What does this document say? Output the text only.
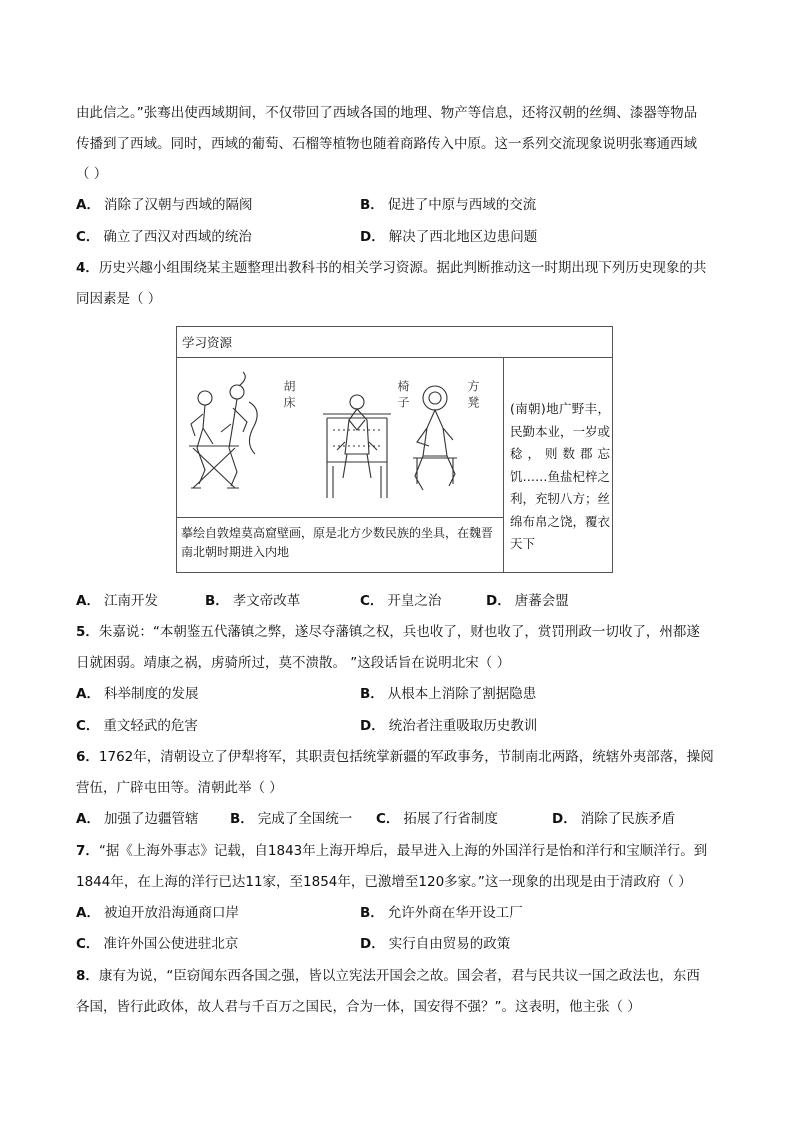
由此信之。”张骞出使西域期间，不仅带回了西域各国的地理、物产等信息，还将汉朝的丝绸、漆器等物品
传播到了西域。同时，西域的葡萄、石榴等植物也随着商路传入中原。这一系列交流现象说明张骞通西域
（ ）
A． 消除了汉朝与西域的隔阂	B． 促进了中原与西域的交流
C． 确立了西汉对西域的统治	D． 解决了西北地区边患问题
4．历史兴趣小组围绕某主题整理出教科书的相关学习资源。据此判断推动这一时期出现下列历史现象的共
同因素是（ ）
学习资源
胡床	椅子	方凳
摹绘自敦煌莫高窟壁画，原是北方少数民族的坐具，在魏晋南北朝时期进入内地
(南朝)地广野丰，民勤本业，一岁或稔，则数郡忘饥……鱼盐杞梓之利，充牣八方；丝绵布帛之饶，覆衣天下
A． 江南开发	B． 孝文帝改革	C． 开皇之治	D． 唐蕃会盟
5．朱嘉说：“本朝鉴五代藩镇之弊，遂尽夺藩镇之权，兵也收了，财也收了，赏罚刑政一切收了，州都遂
日就困弱。靖康之祸，虏骑所过，莫不溃散。 ”这段话旨在说明北宋（ ）
A． 科举制度的发展	B． 从根本上消除了割据隐患
C． 重文轻武的危害	D． 统治者注重吸取历史教训
6．1762年，清朝设立了伊犁将军，其职责包括统掌新疆的军政事务，节制南北两路，统辖外夷部落，操阅
营伍，广辟屯田等。清朝此举（ ）
A． 加强了边疆管辖 B． 完成了全国统一 C． 拓展了行省制度	D． 消除了民族矛盾
7．“据《上海外事志》记载，自1843年上海开埠后，最早进入上海的外国洋行是怡和洋行和宝顺洋行。到
1844年，在上海的洋行已达11家，至1854年，已激增至120多家。”这一现象的出现是由于清政府（ ）
A． 被迫开放沿海通商口岸	B． 允许外商在华开设工厂
C． 准许外国公使进驻北京	D． 实行自由贸易的政策
8．康有为说，“臣窃闻东西各国之强，皆以立宪法开国会之故。国会者，君与民共议一国之政法也，东西
各国，皆行此政体，故人君与千百万之国民，合为一体，国安得不强？”。这表明，他主张（ ）
